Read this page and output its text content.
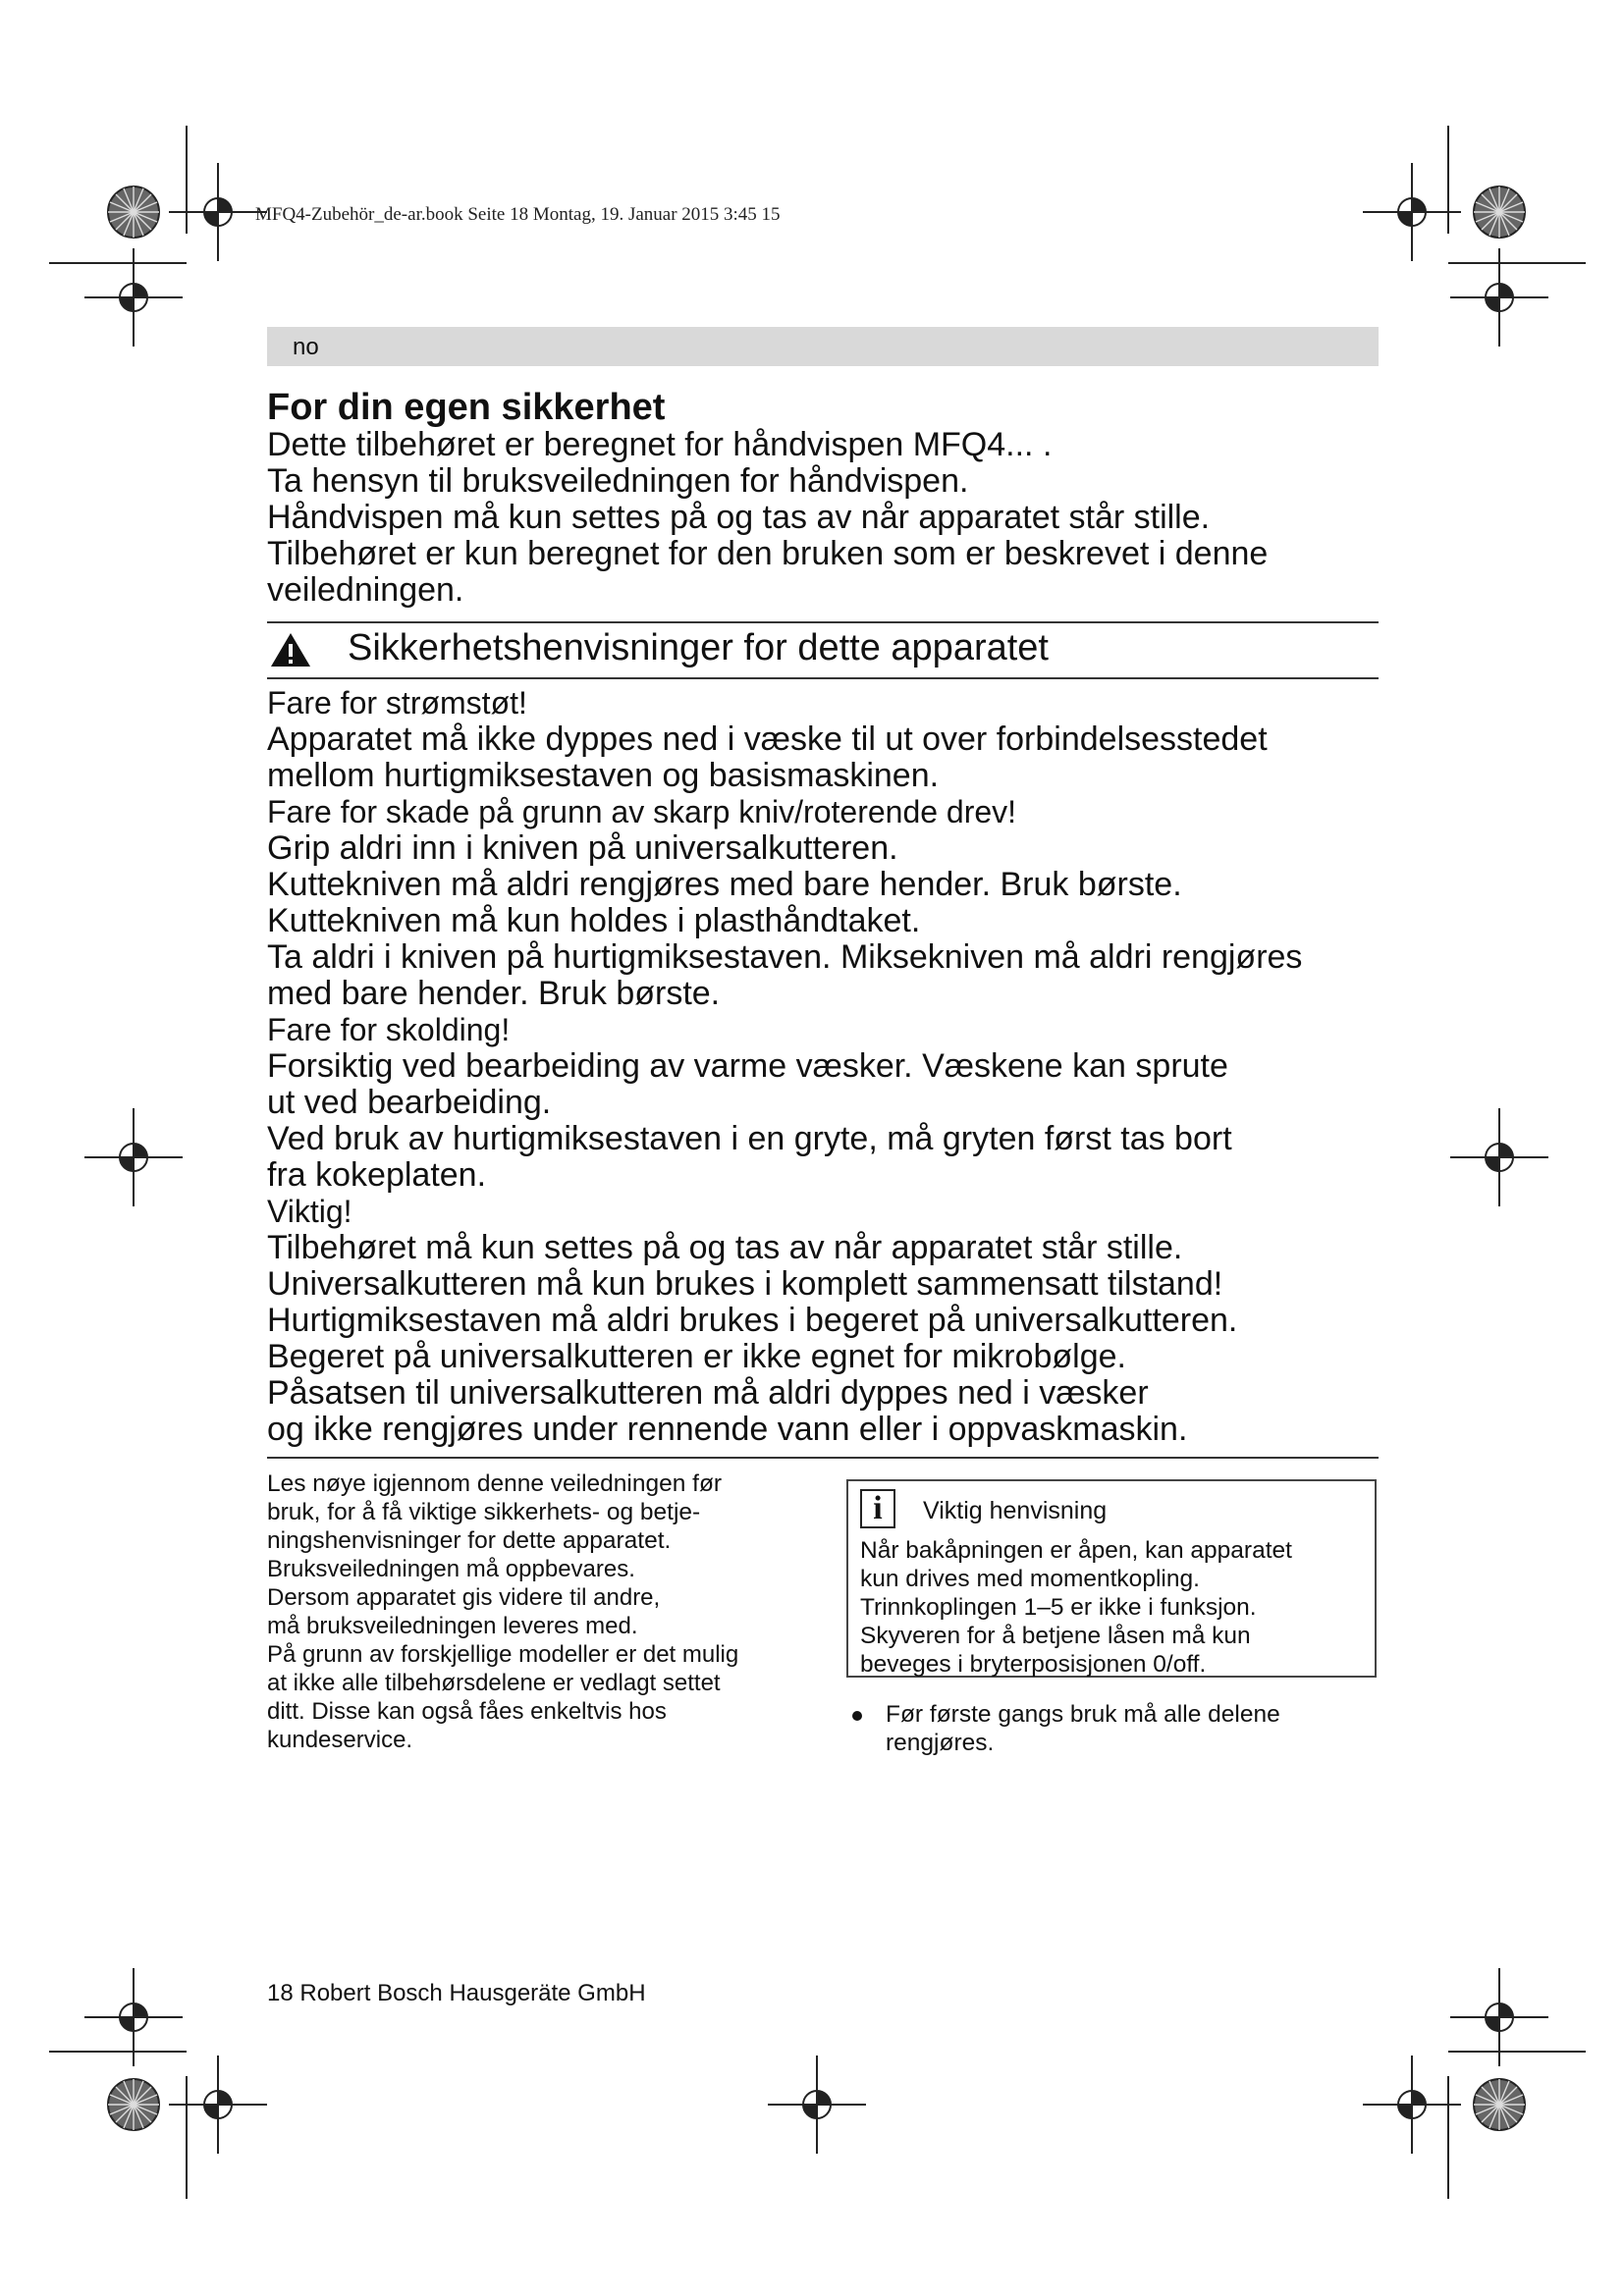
MFQ4-Zubehör_de-ar.book Seite 18 Montag, 19. Januar 2015 3:45 15
no
For din egen sikkerhet

Dette tilbehøret er beregnet for håndvispen MFQ4... .

Ta hensyn til bruksveiledningen for håndvispen.

Håndvispen må kun settes på og tas av når apparatet står stille.

Tilbehøret er kun beregnet for den bruken som er beskrevet i denne

veiledningen.

Sikkerhetshenvisninger for dette apparatet

Fare for strømstøt!

Apparatet må ikke dyppes ned i væske til ut over forbindelsesstedet

mellom hurtigmiksestaven og basismaskinen.

Fare for skade på grunn av skarp kniv/roterende drev!

Grip aldri inn i kniven på universalkutteren.

Kuttekniven må aldri rengjøres med bare hender. Bruk børste.

Kuttekniven må kun holdes i plasthåndtaket.

Ta aldri i kniven på hurtigmiksestaven. Miksekniven må aldri rengjøres

med bare hender. Bruk børste.

Fare for skolding!

Forsiktig ved bearbeiding av varme væsker. Væskene kan sprute

ut ved bearbeiding.

Ved bruk av hurtigmiksestaven i en gryte, må gryten først tas bort

fra kokeplaten.

Viktig!

Tilbehøret må kun settes på og tas av når apparatet står stille.

Universalkutteren må kun brukes i komplett sammensatt tilstand!

Hurtigmiksestaven må aldri brukes i begeret på universalkutteren.

Begeret på universalkutteren er ikke egnet for mikrobølge.

Påsatsen til universalkutteren må aldri dyppes ned i væsker

og ikke rengjøres under rennende vann eller i oppvaskmaskin.

Les nøye igjennom denne veiledningen før
bruk, for å få viktige sikkerhets- og betje-
ningshenvisninger for dette apparatet.
Bruksveiledningen må oppbevares.
Dersom apparatet gis videre til andre,
må bruksveiledningen leveres med.
På grunn av forskjellige modeller er det mulig
at ikke alle tilbehørsdelene er vedlagt settet
ditt. Disse kan også fåes enkeltvis hos
kundeservice.
i	Viktig henvisning
Når bakåpningen er åpen, kan apparatet
kun drives med momentkopling.
Trinnkoplingen 1–5 er ikke i funksjon.
Skyveren for å betjene låsen må kun
beveges i bryterposisjonen 0/off.
Før første gangs bruk må alle delene
rengjøres.
18 Robert Bosch Hausgeräte GmbH
